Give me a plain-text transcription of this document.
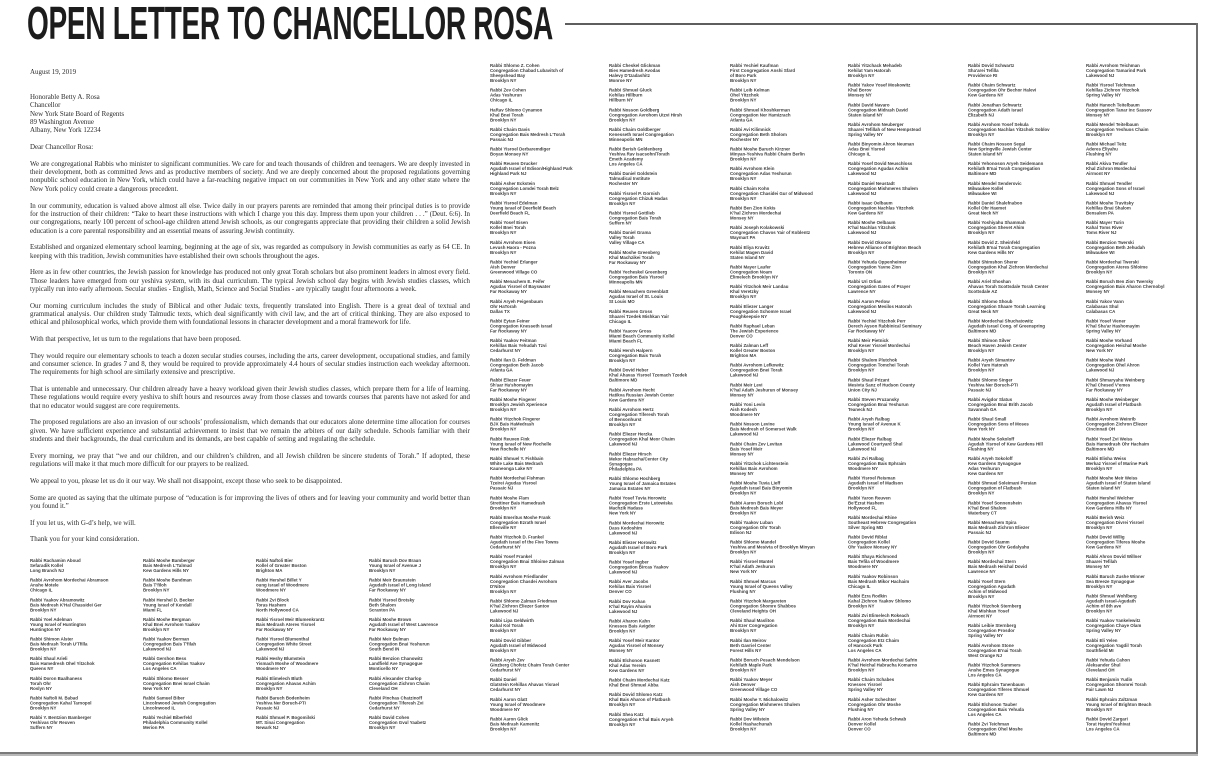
OPEN LETTER TO CHANCELLOR ROSA

August 19, 2019

Honorable Betty A. Rosa
Chancellor
New York State Board of Regents
89 Washington Avenue
Albany, New York 12234

Dear Chancellor Rosa:

We are congregational Rabbis who minister to significant communities. We care for and teach thousands of children and teenagers. We are deeply invested in their development, both as committed Jews and as productive members of society. And we are deeply concerned about the proposed regulations governing nonpublic school education in New York, which could have a far-reaching negative impact on our communities in New York and any other state where the New York policy could create a dangerous precedent.

In our community, education is valued above almost all else. Twice daily in our prayers parents are reminded that among their principal duties is to provide for the instruction of their children: “Take to heart these instructions with which I charge you this day. Impress them upon your children . . .” (Deut. 6:6). In our congregations, nearly 100 percent of school-age children attend Jewish schools, as our congregants appreciate that providing their children a solid Jewish education is a core parental responsibility and an essential means of assuring Jewish continuity.

Established and organized elementary school learning, beginning at the age of six, was regarded as compulsory in Jewish communities as early as 64 CE. In keeping with this tradition, Jewish communities have established their own schools throughout the ages.

Here as in few other countries, the Jewish passion for knowledge has produced not only great Torah scholars but also prominent leaders in almost every field. Those leaders have emerged from our yeshiva system, with its dual curriculum. The typical Jewish school day begins with Jewish studies classes, which typically run into early afternoon. Secular studies - English, Math, Science and Social Studies - are typically taught four afternoons a week.

Our morning curriculum includes the study of Biblical and other Judaic texts, frequently translated into English. There is a great deal of textual and grammatical analysis. Our children study Talmudic texts, which deal significantly with civil law, and the art of critical thinking. They are also exposed to ethical and philosophical works, which provide them with foundational lessons in character development and a moral framework for life.

With that perspective, let us turn to the regulations that have been proposed.

They would require our elementary schools to teach a dozen secular studies courses, including the arts, career development, occupational studies, and family and consumer science. In grades 7 and 8, they would be required to provide approximately 4.4 hours of secular studies instruction each weekday afternoon. The requirements for high school are similarly extensive and prescriptive.

That is untenable and unnecessary. Our children already have a heavy workload given their Jewish studies classes, which prepare them for a life of learning. These regulations would require every yeshiva to shift hours and resources away from those classes and towards courses that parents have not asked for and that no educator would suggest are core requirements.

The proposed regulations are also an invasion of our schools’ professionalism, which demands that our educators alone determine time allocation for courses given. We have sufficient experience and substantial achievement to insist that we remain the arbiters of our daily schedule. Schools familiar with their students and their backgrounds, the dual curriculum and its demands, are best capable of setting and regulating the schedule.

Every morning, we pray that “we and our children, and our children’s children, and all Jewish children be sincere students of Torah.” If adopted, these regulations will make it that much more difficult for our prayers to be realized.

We appeal to you, please let us do it our way. We shall not disappoint, except those who seek to be disappointed.

Some are quoted as saying that the ultimate purpose of “education is for improving the lives of others and for leaving your community and world better than you found it.”

If you let us, with G-d’s help, we will.

Thank you for your kind consideration.

Rabbi Rachamim Aboud
Sefaradik Kollel
Long Branch NJ
Rabbi Avrohom Mordechai Abramson
Anshe Motele
Chicago IL
Rabbi Yaakov Abramowitz
Bais Medresh K'Hal Chassidei Ger
Brooklyn NY
Rabbi Yoel Adelman
Young Israel of Huntington
Huntington NY
Rabbi Shimon Alster
Bais Medrash Torah U'Tfilla
Brooklyn NY
Rabbi Shaul Arieli
Bais Hamedresh Ohel Yitzchok
Queens NY
Rabbi Doron Baalhaness
Torah Ohr
Roslyn NY
Rabbi Naftoli M. Babad
Congregation Kahal Tarnopol
Brooklyn NY
Rabbi Y. Bentzion Bamberger
Yeshivas Ohr Reuven
Suffern NY
Rabbi Moshe Bamberger
Bais Medresh L'Talmud
Kew Gardens Hills NY
Rabbi Moshe Bandman
Bais T'filoh
Brooklyn NY
Rabbi Hershel D. Becker
Young Israel of Kendall
Miami FL
Rabbi Moshe Bergman
Khal Bnei Avrohom Yaakov
Brooklyn NY
Rabbi Yaakov Berman
Congregation Bais T'filah
Lakewood NJ
Rabbi Gershon Bess
Congregation Kehilas Yaakov
Los Angeles CA
Rabbi Shlomo Besser
Congregation Bnei Israel Chaim
New York NY
Rabbi Samuel Biber
Lincolnwood Jewish Congregation
Lincolnwood IL
Rabbi Yechiel Biberfeld
Philadelphia Community Kollel
Merion PA
Rabbi Naftoli Bier
Kollel of Greater Boston
Brighton MA
Rabbi Hershel Billet Y
oung Israel of Woodmere
Woodmere NY
Rabbi Zvi Block
Toras Hashem
North Hollywood CA
Rabbi Yisroel Meir Blumenkrantz
Bais Medrash Ateres Yisroel
Far Rockaway NY
Rabbi Yisroel Blumenthal
Congregation White Street
Lakewood NJ
Rabbi Heshy Blumstein
Yismach Moshe of Woodmere
Woodmere NY
Rabbi Elimelech Bluth
Congregation Ahavas Achim
Brooklyn NY
Rabbi Baruch Bodenheim
Yeshiva Ner Boruch-PTI
Passaic NJ
Rabbi Shmuel P. Bogomilski
MT. Sinai Congregation
Newark NJ
Rabbi Baruch Dov Braun
Young Israel of Avenue J
Brooklyn NY
Rabbi Meir Braunstein
Agudath Israel of Long Island
Far Rockaway NY
Rabbi Yisroel Brotsky
Beth Shalom
Scranton PA
Rabbi Moshe Brown
Agudath Israel of West Lawrence
Far Rockaway NY
Rabbi Meir Bulman
Congregation Bnai Yeshurun
South Bend IN
Rabbi Benzion Chanowitz
Landfield Ave Synagogue
Monticello NY
Rabbi Alexander Charlop
Congregation Zichron Chaim
Cleveland OH
Rabbi Pinchas Chatzinoff
Congregation Tiferesh Zvi
Cedarhurst NY
Rabbi David Cohen
Congregation Gvul Yaabetz
Brooklyn NY
Rabbi Shlomo Z. Cohen
Congregation Chabad Lubavitch of
Sheepshead Bay
Brooklyn NY
Rabbi Zev Cohen
Adas Yeshurun
Chicago IL
HaRav Shlomo Cynamon
Khal Bnei Torah
Brooklyn NY
Rabbi Chaim Davis
Congregation Bais Medresh L'Torah
Passaic NJ
Rabbi Yisroel Derbaremdiger
Boyan Monsey NY
Rabbi Reuven Drucker
Agudath Israel of Edison/Highland Park
Highland Park NJ
Rabbi Asher Eckstein
Congregation Lomdei Torah Belz
Brooklyn NY
Rabbi Yisroel Edelman
Young Israel of Deerfield Beach
Deerfield Beach FL
Rabbi Yosef Eisen
Kollel Bnei Torah
Brooklyn NY
Rabbi Avrohom Eisen
Levush Haora - Pozna
Brooklyn NY
Rabbi Yechiel Erlanger
Aish Denver
Greenwood Village CO
Rabbi Menachem E. Feifer
Agudas Yisroel of Bayswater
Far Rockaway NY
Rabbi Aryeh Feigenbaum
Ohr HaTorah
Dallas TX
Rabbi Eytan Feiner
Congregation Knesseth Israel
Far Rockaway NY
Rabbi Yaakov Feitman
Kehillas Bais Yehudah Tzvi
Cedarhurst NY
Rabbi Ilan D. Feldman
Congregation Beth Jacob
Atlanta GA
Rabbi Eliezer Feuer
Sh'aar Ha'shomayim
Far Rockaway NY
Rabbi Moshe Fingerer
Brooklyn Jewish Xperience
Brooklyn NY
Rabbi Yitzchok Fingerer
BJX Bais HaMedrash
Brooklyn NY
Rabbi Reuven Fink
Young Israel of New Rochelle
New Rochelle NY
Rabbi Shmuel Y. Fishbain
White Lake Bais Medrash
Kauneonga Lake NY
Rabbi Mordechai Fishman
Tzeirei Agudas Yisroel
Passaic NJ
Rabbi Moshe Flam
Strettiner Bais Hamedrash
Brooklyn NY
Rabbi Emeritus Moshe Frank
Congregation Ezrath Israel
Ellenville NY
Rabbi Yitzchok D. Frankel
Agudath Israel of the Five Towns
Cedarhurst NY
Rabbi Yosef Frankel
Congregation Bnai Shloime Zalman
Brooklyn NY
Rabbi Avrohom Friedlander
Congregation Chasdei Avrohom
D'Nitov
Brooklyn NY
Rabbi Shlomo Zalman Friedman
K'hal Zichron Eliezer Santov
Lakewood NJ
Rabbi Lipa Geldwirth
Kahal Kol Torah
Brooklyn NY
Rabbi Dovid Gibber
Agudath Israel of Midwood
Brooklyn NY
Rabbi Aryeh Zev
Ginzberg Chofetz Chaim Torah Center
Cedarhurst NY
Rabbi Daniel
Glatstein Kehillas Ahavas Yisrael
Cedarhurst NY
Rabbi Aaron Glatt
Young Israel of Woodmere
Woodmere NY
Rabbi Aaron Glick
Bais Medrash Kamenitz
Brooklyn NY
Rabbi Cheskel Glickman
Bies Hamedresh Avodas
Halevy D'tzadashitz
Monroe NY
Rabbi Shmuel Gluck
Kehilas Hillburn
Hillburn NY
Rabbi Nosson Goldberg
Congregation Avrohom Utzvi Hirsh
Brooklyn NY
Rabbi Chaim Goldberger
Kenesseth Israel Congregation
Minneapolis MN
Rabbi Berish Goldenberg
Yeshiva Rav Isacsohn/Torath
Emeth Academy
Los Angeles CA
Rabbi Daniel Goldstein
Talmudical Institute
Rochester NY
Rabbi Yisroel P. Gornish
Congregation Chizuk Hadas
Brooklyn NY
Rabbi Yisroel Gottlieb
Congregation Bais Torah
Suffern NY
Rabbi Daniel Grama
Valley Torah
Valley Village CA
Rabbi Moshe Greenberg
Khal Machzikei Torah
Far Rockaway NY
Rabbi Yecheskel Greenberg
Congregation Bais Yisroel
Minneapolis MN
Rabbi Menachem Greenblatt
Agudas Israel of St. Louis
St Louis MO
Rabbi Reuven Gross
Shaarei Tzedek Mishkan Yair
Chicago IL
Rabbi Yaacov Gross
Miami Beach Community Kollel
Miami Beach FL
Rabbi Hersh Halpern
Congregation Bais Torah
Brooklyn NY
Rabbi Dovid Heber
Khal Ahavas Yisroel Tzemach Tzedek
Baltimore MD
Rabbi Avrohom Hecht
Hatikva Russian Jewish Center
Kew Gardens NY
Rabbi Avrohom Hertz
Congregation Tiferesh Torah
of Bensonhurst
Brooklyn NY
Rabbi Eliezer Herzka
Congregation Khal Meor Chaim
Lakewood NJ
Rabbi Eliezer Hirsch
Mekor Habracha/Center City
Synagogue
Philadelphia PA
Rabbi Shlomo Hochberg
Young Israel of Jamaica Estates
Jamaica Estates NY
Rabbi Yosef Tuvia Horowitz
Congregation Erste Lutowiska
Machzik Hadass
New York NY
Rabbi Mordechai Horowitz
Dass Kedoshim
Lakewood NJ
Rabbi Eliezer Horowitz
Agudath Israel of Boro Park
Brooklyn NY
Rabbi Yosef Ingber
Congregation Bircas Yaakov
Lakewood NJ
Rabbi Aver Jacobs
Kehilas Bais Yisroel
Denver CO
Rabbi Dov Kahan
K'hal Rayim Ahuvim
Lakewood NJ
Rabbi Aharon Kahn
Knesses Bais Avigdor
Brooklyn NY
Rabbi Yosef Meir Kantor
Agudas Yisroel of Monsey
Monsey NY
Rabbi Elchonon Kasnett
Khal Adas Yereim
Kew Gardens NY
Rabbi Chaim Mordechai Katz
Khal Bnei Shmuel Abba
Rabbi Dovid Shlomo Katz
Khal Bais Aharon of Flatbush
Brooklyn NY
Rabbi Shea Katz
Congregation K'hal Bais Aryeh
Brooklyn NY
Rabbi Yechiel Kaufman
First Congregation Anshi Sfard
of Boro Park
Brooklyn NY
Rabbi Leib Kelman
Ohel Yitzchok
Brooklyn NY
Rabbi Shmuel Khoshkerman
Congregation Ner Hamizrach
Atlanta GA
Rabbi Avi Kilimnick
Congregation Beth Sholom
Rochester NY
Rabbi Moshe Baruch Kirzner
Minyan-Yeshiva Rabbi Chaim Berlin
Brooklyn NY
Rabbi Avrohom Klein
Congregation Adas Yeshurun
Brooklyn NY
Rabbi Chaim Kohn
Congregation Chasidei Gur of Midwood
Brooklyn NY
Rabbi Ben Zion Kokis
K'hal Zichron Mordechai
Monsey NY
Rabbi Joseph Kolakowski
Congregation Chavos Yair of Koblentz
Waymart PA
Rabbi Eliya Kravitz
Kehilat Magen David
Staten Island NY
Rabbi Mayer Laufer
Congregation Noam
Elimelech Brooklyn NY
Rabbi Yitzchok Meir Landau
Khal Veretzky
Brooklyn NY
Rabbi Eliezer Langer
Congregation Schomre Israel
Poughkeepsie NY
Rabbi Raphael Leban
The Jewish Experience
Denver CO
Rabbi Zalman Leff
Kollel Greater Boston
Brighton MA
Rabbi Avrohom Lefkowitz
Congregation Bnei Torah
Lakewood NJ
Rabbi Meir Levi
K'hal Adath Jeshurun of Monsey
Monsey NY
Rabbi Yoni Levin
Aish Kodesh
Woodmere NY
Rabbi Nosson Levine
Bais Medresh of Somerset Walk
Lakewood NJ
Rabbi Chaim Zev Levitan
Bais Yosef Meir
Monsey NY
Rabbi Yitzchok Lichtenstein
Kehillas Bais Avrohom
Monsey NY
Rabbi Moshe Tuvia Lieff
Agudath Israel Bais Binyomin
Brooklyn NY
Rabbi Aaron Boruch Lobl
Bais Medresh Bais Meyer
Brooklyn NY
Rabbi Yaakov Luban
Congregation Ohr Torah
Edison NJ
Rabbi Shlomo Mandel
Yeshiva and Mesivta of Brooklyn Minyan
Brooklyn NY
Rabbi Yisroel Mantel
K'hal Adath Jeshurun
New York NY
Rabbi Shmuel Marcus
Young Israel of Queens Valley
Flushing NY
Rabbi Yitzchok Margareten
Congregation Shomre Shabbos
Cleveland Heights OH
Rabbi Shaul Masliton
Ahi Ezer Congregation
Brooklyn NY
Rabbi Ilan Meirov
Beth Gavriel Center
Forest Hills NY
Rabbi Boruch Pesach Mendelson
Kehilath Maple Park
Brooklyn NY
Rabbi Yaakov Meyer
Aish Denver
Greenwood Village CO
Rabbi Moshe Y. Michalowitz
Congregation Mishmeres Shulem
Spring Valley NY
Rabbi Dov Milstein
Kollel Hashachunah
Brooklyn NY
Rabbi Yitzchack Mehadeb
Kehilat Yam Hatorah
Brooklyn NY
Rabbi Yakov Yosef Moskowitz
Khal Borov
Monsey NY
Rabbi David Navaro
Congregation Midrash David
Staten Island NY
Rabbi Avrohom Neuberger
Shaarei Tefillah of New Hempstead
Spring Valley NY
Rabbi Binyomin Ahron Neuman
Adas Bnei Yisroel
Chicago IL
Rabbi Yosef Dovid Neuschloss
Congregation Agudas Achim
Lakewood NJ
Rabbi Daniel Neustadt
Congregation Mishmeres Shulem
Lakewood NJ
Rabbi Isaac Oelbaum
Congregation Nachlas Yitzchok
Kew Gardens NY
Rabbi Moshe Oelbaum
K'hal Nachlas Yitzchok
Lakewood NJ
Rabbi Dovid Okonov
Hebrew Alliance of Brighton Beach
Brooklyn NY
Rabbi Yehuda Oppenheimer
Congregation Yavne Zion
Toronto ON
Rabbi Uri Orlian
Congregation Gates of Prayer
Lawrence NY
Rabbi Aaron Perlow
Congregation Mesilos Hatorah
Lakewood NJ
Rabbi Yechiel Yitzchok Perr
Derech Ayson Rabbinical Seminary
Far Rockaway NY
Rabbi Meir Pietnick
Khal Keser Yisroel Mordechai
Brooklyn NY
Rabbi Shalom Plutchok
Congregation Tomchei Torah
Brooklyn NY
Rabbi Shaul Prizant
Mesivta Sanz of Hudson County
Union City NJ
Rabbi Steven Pruzansky
Congregation Bnai Yeshurun
Teaneck NJ
Rabbi Aryeh Ralbag
Young Israel of Avenue K
Brooklyn NY
Rabbi Eliezer Ralbag
Lakewood Courtyard Shul
Lakewood NJ
Rabbi Zvi Ralbag
Congregation Bais Ephraim
Woodmere NY
Rabbi Yisroel Reisman
Agudath Israel of Madison
Brooklyn NY
Rabbi Yaron Reuven
Be'Ezrat Hashem
Hollywood FL
Rabbi Mordechai Rhine
Southeast Hebrew Congregation
Silver Spring MD
Rabbi Dovid Riblat
Congregation Kollel
Ohr Yaakov Monsey NY
Rabbi Shaya Richmond
Bais Tefila of Woodmere
Woodmere NY
Rabbi Yaakov Robinson
Bais Medrash Mikor Hachaim
Chicago IL
Rabbi Ezra Rodkin
Kahal Zichron Yaakov Shlomo
Brooklyn NY
Rabbi Zvi Elimelech Rokeach
Congregation Bais Mordechai
Brooklyn NY
Rabbi Chaim Rubin
Congregation Etz Chaim
of Hancock Park
Los Angeles CA
Rabbi Avrohom Mordechai Safrin
K'hal Heichal Habracha Komarno
Brooklyn NY
Rabbi Chaim Schabes
Knesses Yisroel
Spring Valley NY
Rabbi Asher Schechter
Congregation Ohr Moshe
Flushing NY
Rabbi Aron Yehuda Schwab
Denver Kollel
Denver CO
Rabbi Dovid Schwartz
Sha'arei Tefilla
Providence RI
Rabbi Chaim Schwartz
Congregation Ohr Bechor Halevi
Kew Gardens NY
Rabbi Jonathan Schwartz
Congregation Adath Israel
Elizabeth NJ
Rabbi Avrohom Yosef Sekula
Congregation Nachlas Yitzchok Soblov
Brooklyn NY
Rabbi Chaim Nosson Segal
New Springville Jewish Center
Staten Island NY
Rabbi Yehonoson Aryeh Seidemann
Kehilath B'nai Torah Congregation
Baltimore MD
Rabbi Mendel Senderovic
Milwaukee Kollel
Milwaukee WI
Rabbi Daniel Shalefnaboo
Kollel Ohr Haemet
Great Neck NY
Rabbi Yoshiyahu Shammah
Congregation Shevet Ahim
Brooklyn NY
Rabbi Dovid Z. Sheinfeld
Kehilath B'nai Torah Congregation
Kew Gardens Hills NY
Rabbi Shimshon Sherer
Congregation Khal Zichron Mordechai
Brooklyn NY
Rabbi Ariel Shoshan
Ahavas Torah Scottsdale Torah Center
Scottsdale AZ
Rabbi Shlomo Shoub
Congregation Shaare Torah Learning
Great Neck NY
Rabbi Mordechai Shuchatowitz
Agudath Israel Cong. of Greenspring
Baltimore MD
Rabbi Shimon Silver
Beach Haven Jewish Center
Brooklyn NY
Rabbi Aryeh Simantov
Kollel Yam Hatorah
Brooklyn NY
Rabbi Shlomo Singer
Yeshiva Ner Boruch-PTI
Passaic NJ
Rabbi Avigdor Slatus
Congregation Bnai Brith Jacob
Savannah GA
Rabbi Shaul Small
Congregation Sons of Moses
New York NY
Rabbi Moshe Sokoloff
Agudah Yisroel of Kew Gardens Hill
Flushing NY
Rabbi Aryeh Sokoloff
Kew Gardens Synagogue
Adas Yeshurun
Kew Gardens NY
Rabbi Shmuel Soleimani Persian
Congregation of Flatbush
Brooklyn NY
Rabbi Yosef Sonnenshein
K'hal Bnei Shalom
Waterbury CT
Rabbi Menachem Spira
Bais Medrash Zichron Eliezer
Passaic NJ
Rabbi Dovid Stamm
Congregation Ohr Gedalyahu
Brooklyn NY
Rabbi Mordechai Stern
Bais Medrash Heichal Dovid
Lawrence NY
Rabbi Yosef Stern
Congregation Agudath
Achim of Midwood
Brooklyn NY
Rabbi Yitzchok Sternberg
Khal Mishkan Yosef
Airmont NY
Rabbi Leibie Sternberg
Congregation Prosdor
Spring Valley NY
Rabbi Avrohom Stone
Congregation B'nai Torah
West Orange NJ
Rabbi Yitzchok Summers
Anshe Emes Synagogue
Los Angeles CA
Rabbi Ephraim Tanenbaum
Congregation Tiferes Shmuel
Kew Gardens NY
Rabbi Elchonon Tauber
Congregation Bais Yehuda
Los Angeles CA
Rabbi Zvi Teichman
Congregation Ohel Moshe
Baltimore MD
Rabbi Avrohom Teichman
Congregation Tamarind Park
Lakewood NJ
Rabbi Yisroel Teichman
Kehillas Zichron Yitzchok
Spring Valley NY
Rabbi Hanoch Teitelbaum
Congregation Tanar Inc Sassov
Monsey NY
Rabbi Mendel Teitelbaum
Congregation Yeshuos Chaim
Brooklyn NY
Rabbi Michael Teitz
Aderes Eliyahu
Flushing NY
Rabbi Akiva Tendler
Khal Zichron Mordechai
Airmont NY
Rabbi Shmuel Tendler
Congregation Sons of Israel
Lakewood NJ
Rabbi Moshe Travitsky
Kehillas Bnai Shalom
Bensalem PA
Rabbi Mayer Turin
Kahal Toms River
Toms River NJ
Rabbi Benzion Twerski
Congregation Beth Jehudah
Milwaukee WI
Rabbi Mordechai Twerski
Congregation Ateres Shloime
Brooklyn NY
Rabbi Boruch Ben Zion Twersky
Congregation Bais Aharon Chernobyl
Monsey NY
Rabbi Yakov Vann
Calabasas Shul
Calabasas CA
Rabbi Yosef Viener
K'hal Sha'ar Hashomayim
Spring Valley NY
Rabbi Moshe Vorhand
Congregation Heichal Moshe
New York NY
Rabbi Moshe Wahl
Congregation Ohel Ahron
Lakewood NJ
Rabbi Shmaryahu Weinberg
K'hal Chesed V'emes
Far Rockaway NY
Rabbi Moshe Weinberger
Agudath Israel of Flatbush
Brooklyn NY
Rabbi Avrohom Weinrib
Congregation Zichron Eliezer
Cincinnati OH
Rabbi Yosef Zvi Weiss
Bais Hamedrash Ohr Hachaim
Baltimore MD
Rabbi Elisha Weiss
Merkaz Yisroel of Marine Park
Brooklyn NY
Rabbi Moshe Meir Weiss
Agudath Israel of Staten Island
Staten Island NY
Rabbi Hershel Welcher
Congregation Ahavas Yisroel
Kew Gardens Hills NY
Rabbi Berish Weiz
Congregation Divrei Yisroel
Brooklyn NY
Rabbi Dovid Willig
Congregation Tiferes Moshe
Kew Gardens NY
Rabbi Ahron Dovid Willner
Shaarei Tefilah
Monsey NY
Rabbi Baruch Zushe Winner
Sea Breeze Synagogue
Brooklyn NY
Rabbi Shmuel Wohlberg
Agudath Israel-Agudath
Achim of 8th ave
Brooklyn NY
Rabbi Yaakov Yankelewitz
Congregation Chaye Olam
Spring Valley NY
Rabbi Eli Yelen
Congregation Yagdil Torah
Southfield MI
Rabbi Yehuda Cahon
Aleksander Shul
Cleveland OH
Rabbi Benjamin Yudin
Congregation Shomrei Torah
Fair Lawn NJ
Rabbi Ephraim Zaltzman
Young Israel of Brighton Beach
Brooklyn NY
Rabbi Dovid Zargari
Torat Hayim/Yeshivat
Los Angeles CA
